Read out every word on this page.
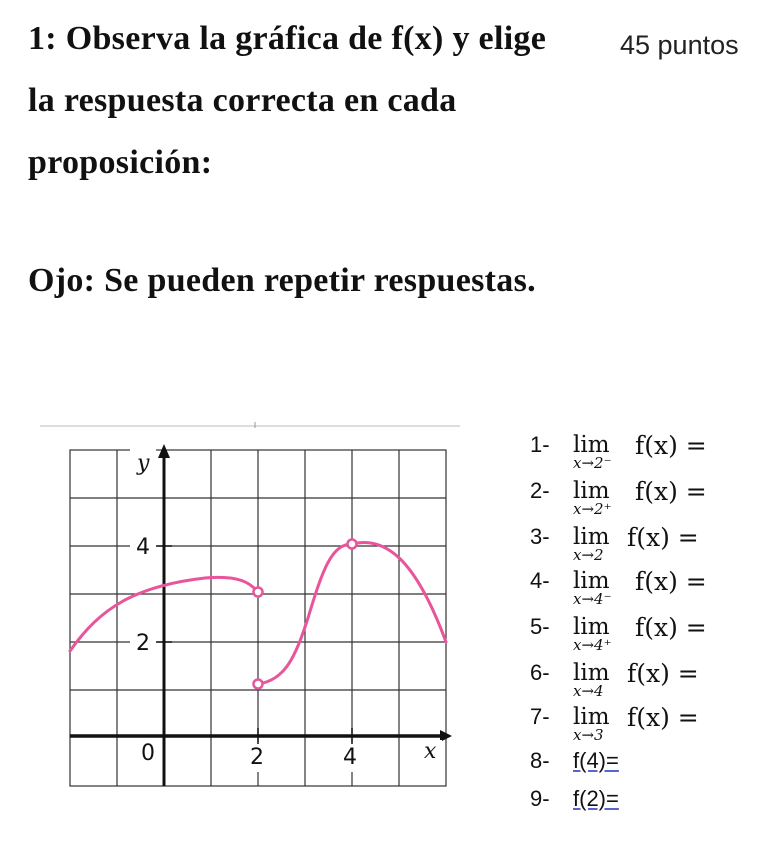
1: Observa la gráfica de f(x) y elige	45 puntos
la respuesta correcta en cada
proposición:
Ojo: Se pueden repetir respuestas.
y
4
2
0	2	4	x
1- lim
x→2⁻
f(x) =
2- lim
x→2⁺
f(x) =
3- lim
x→2
f(x) =
4- lim
x→4⁻
f(x) =
5- lim
x→4⁺
f(x) =
6- lim
x→4
f(x) =
7- lim
x→3
f(x) =
8- f(4)=
9- f(2)=
